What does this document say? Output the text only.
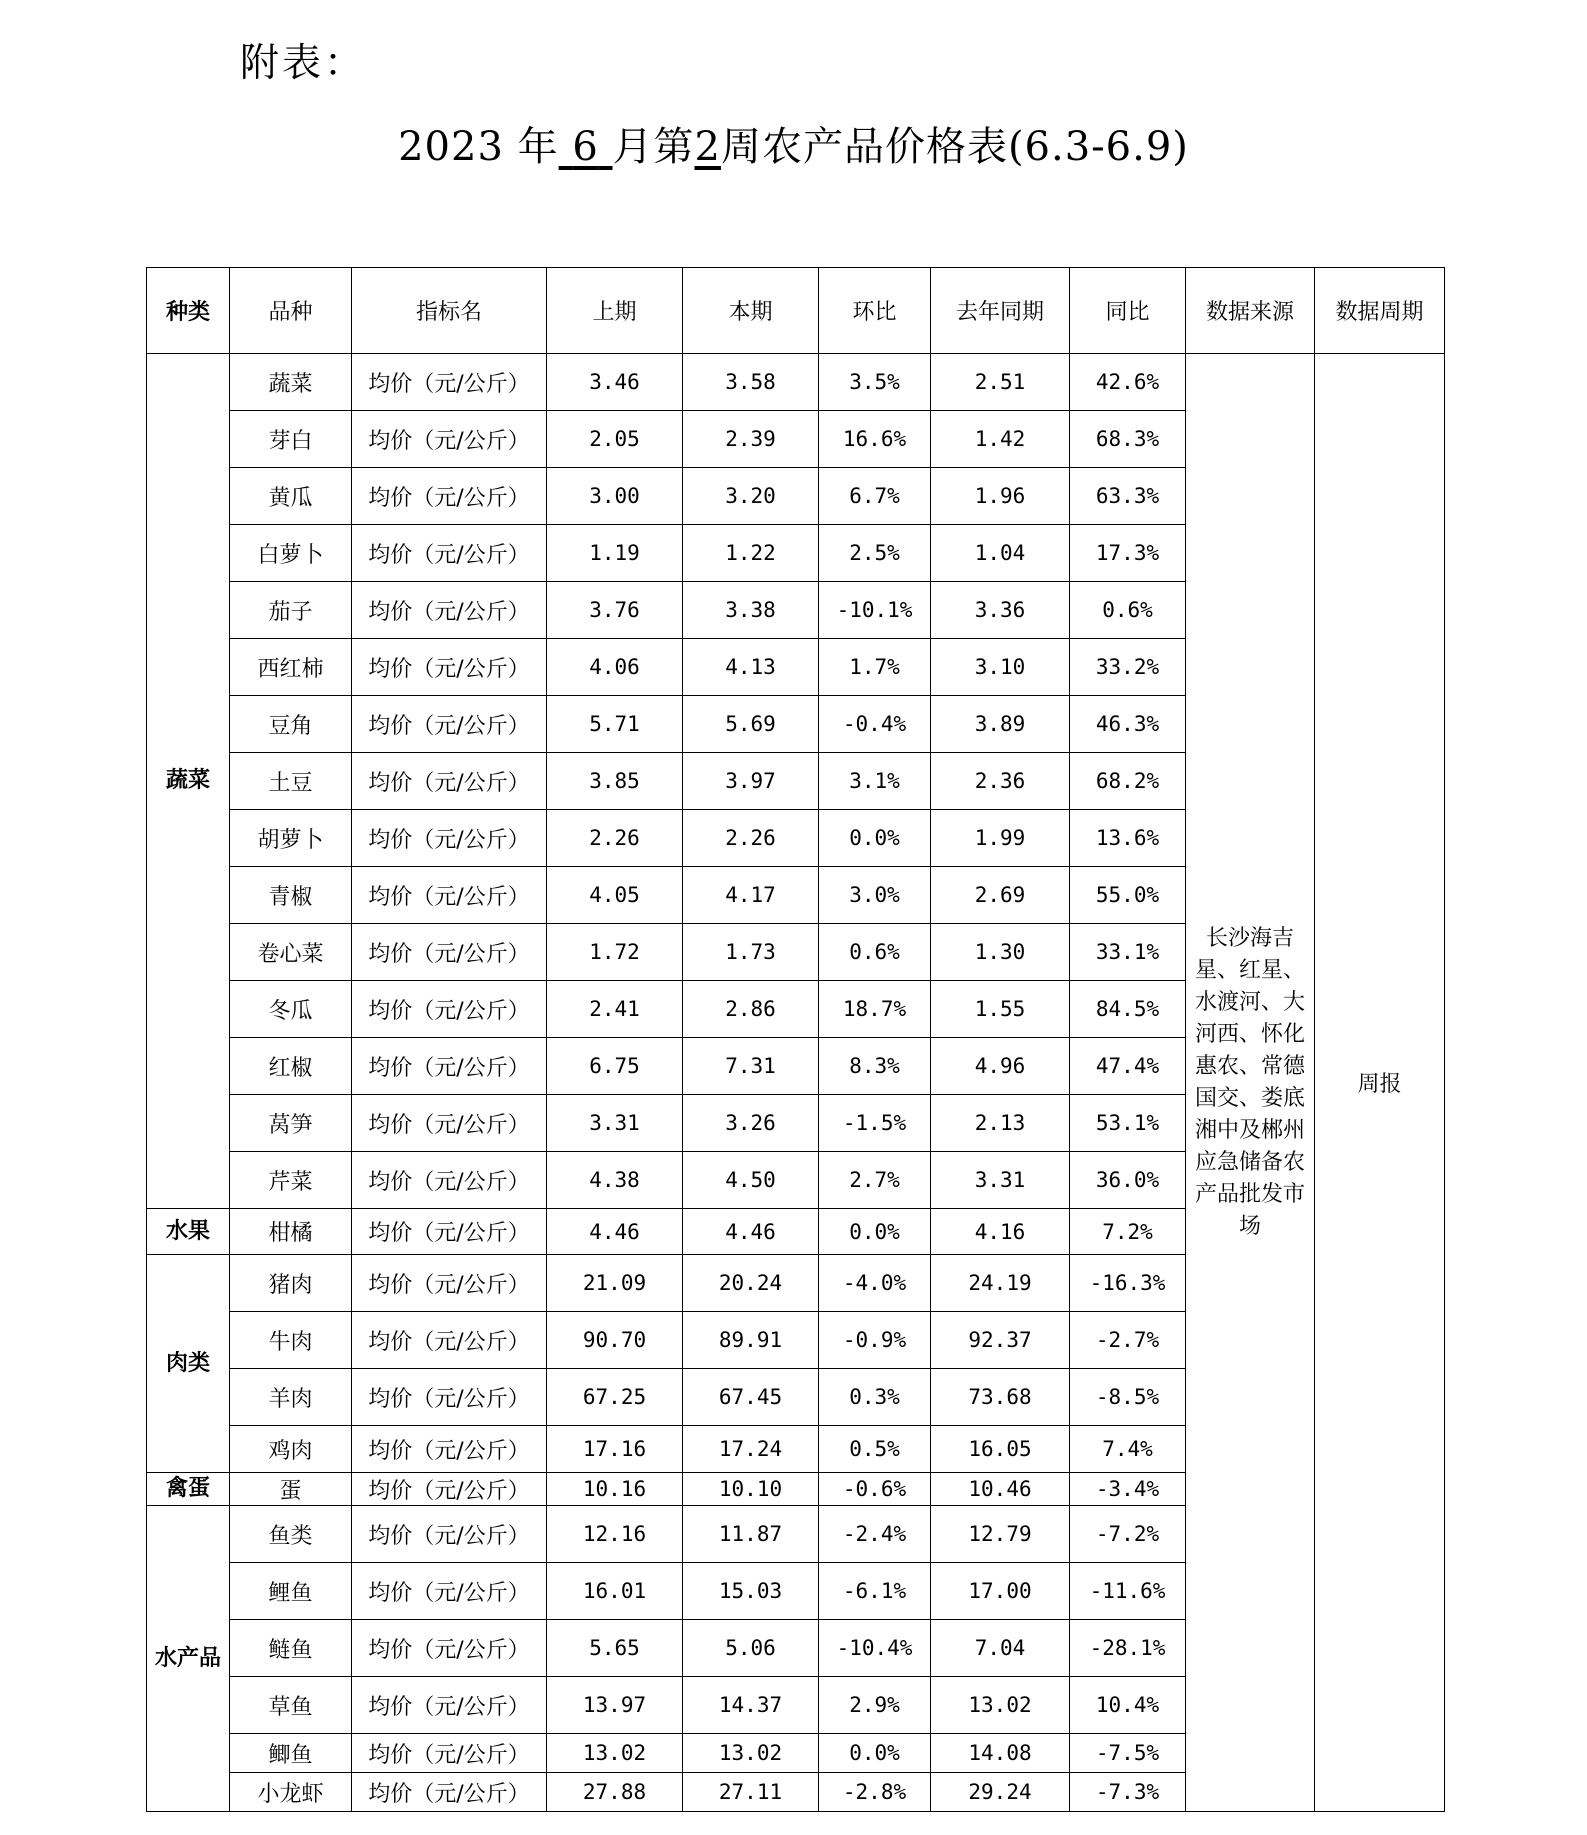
附表：
2023 年 6 月第2周农产品价格表(6.3-6.9)
种类	品种	指标名	上期	本期	环比	去年同期	同比	数据来源	数据周期
蔬菜	蔬菜	均价（元/公斤）	3.46	3.58	3.5%	2.51	42.6%	长沙海吉星、红星、水渡河、大河西、怀化惠农、常德国交、娄底湘中及郴州应急储备农产品批发市场	周报
	芽白	均价（元/公斤）	2.05	2.39	16.6%	1.42	68.3%		
	黄瓜	均价（元/公斤）	3.00	3.20	6.7%	1.96	63.3%		
	白萝卜	均价（元/公斤）	1.19	1.22	2.5%	1.04	17.3%		
	茄子	均价（元/公斤）	3.76	3.38	-10.1%	3.36	0.6%		
	西红柿	均价（元/公斤）	4.06	4.13	1.7%	3.10	33.2%		
	豆角	均价（元/公斤）	5.71	5.69	-0.4%	3.89	46.3%		
	土豆	均价（元/公斤）	3.85	3.97	3.1%	2.36	68.2%		
	胡萝卜	均价（元/公斤）	2.26	2.26	0.0%	1.99	13.6%		
	青椒	均价（元/公斤）	4.05	4.17	3.0%	2.69	55.0%		
	卷心菜	均价（元/公斤）	1.72	1.73	0.6%	1.30	33.1%		
	冬瓜	均价（元/公斤）	2.41	2.86	18.7%	1.55	84.5%		
	红椒	均价（元/公斤）	6.75	7.31	8.3%	4.96	47.4%		
	莴笋	均价（元/公斤）	3.31	3.26	-1.5%	2.13	53.1%		
	芹菜	均价（元/公斤）	4.38	4.50	2.7%	3.31	36.0%		
水果	柑橘	均价（元/公斤）	4.46	4.46	0.0%	4.16	7.2%		
肉类	猪肉	均价（元/公斤）	21.09	20.24	-4.0%	24.19	-16.3%		
	牛肉	均价（元/公斤）	90.70	89.91	-0.9%	92.37	-2.7%		
	羊肉	均价（元/公斤）	67.25	67.45	0.3%	73.68	-8.5%		
	鸡肉	均价（元/公斤）	17.16	17.24	0.5%	16.05	7.4%		
禽蛋	蛋	均价（元/公斤）	10.16	10.10	-0.6%	10.46	-3.4%		
水产品	鱼类	均价（元/公斤）	12.16	11.87	-2.4%	12.79	-7.2%		
	鲤鱼	均价（元/公斤）	16.01	15.03	-6.1%	17.00	-11.6%		
	鲢鱼	均价（元/公斤）	5.65	5.06	-10.4%	7.04	-28.1%		
	草鱼	均价（元/公斤）	13.97	14.37	2.9%	13.02	10.4%		
	鲫鱼	均价（元/公斤）	13.02	13.02	0.0%	14.08	-7.5%		
	小龙虾	均价（元/公斤）	27.88	27.11	-2.8%	29.24	-7.3%		
